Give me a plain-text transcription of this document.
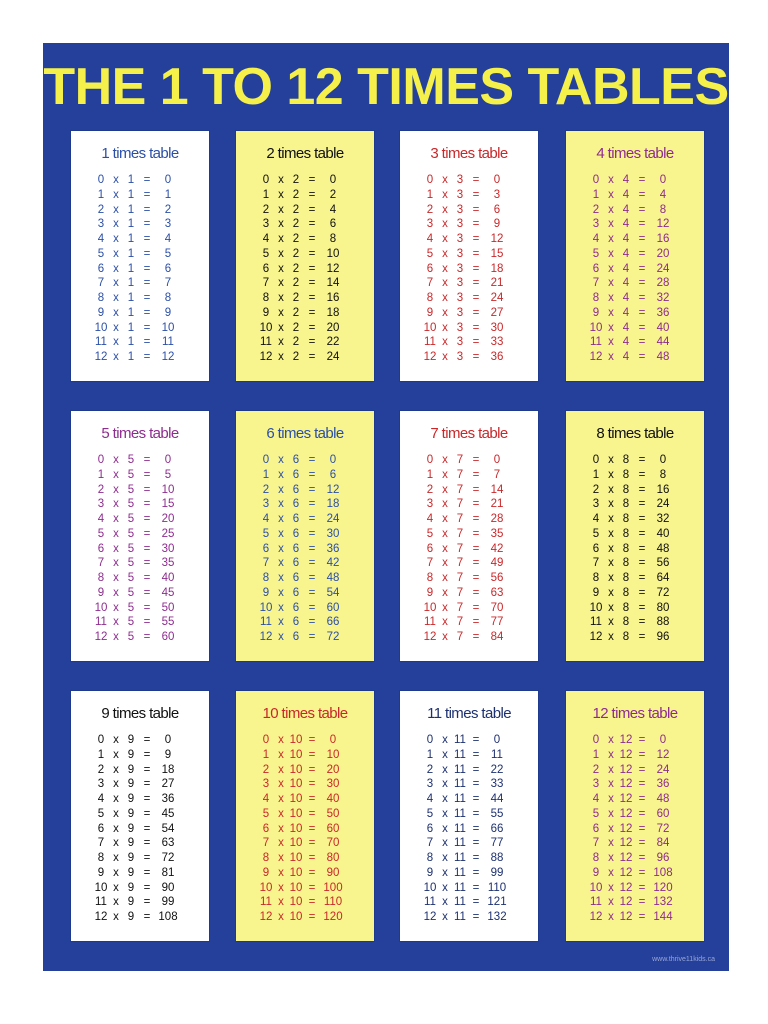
THE 1 TO 12 TIMES TABLES
1 times table
0 x 1 =	0
1 x 1 =	1
2 x 1 =	2
3 x 1 =	3
4 x 1 =	4
5 x 1 =	5
6 x 1 =	6
7 x 1 =	7
8 x 1 =	8
9 x 1 =	9
10 x 1 = 10
11 x 1 =	11
12 x 1 = 12
2 times table
0 x 2 =	0
1 x 2 =	2
2 x 2 =	4
3 x 2 =	6
4 x 2 =	8
5 x 2 = 10
6 x 2 = 12
7 x 2 = 14
8 x 2 = 16
9 x 2 = 18
10 x 2 = 20
11 x 2 = 22
12 x 2 = 24
3 times table
0 x 3 =	0
1 x 3 =	3
2 x 3 =	6
3 x 3 =	9
4 x 3 = 12
5 x 3 = 15
6 x 3 = 18
7 x 3 = 21
8 x 3 = 24
9 x 3 = 27
10 x 3 = 30
11 x 3 = 33
12 x 3 = 36
4 times table
0 x 4 =	0
1 x 4 =	4
2 x 4 =	8
3 x 4 = 12
4 x 4 = 16
5 x 4 = 20
6 x 4 = 24
7 x 4 = 28
8 x 4 = 32
9 x 4 = 36
10 x 4 = 40
11 x 4 = 44
12 x 4 = 48
5 times table
0 x 5 =	0
1 x 5 =	5
2 x 5 = 10
3 x 5 = 15
4 x 5 = 20
5 x 5 = 25
6 x 5 = 30
7 x 5 = 35
8 x 5 = 40
9 x 5 = 45
10 x 5 = 50
11 x 5 = 55
12 x 5 = 60
6 times table
0 x 6 =	0
1 x 6 =	6
2 x 6 = 12
3 x 6 = 18
4 x 6 = 24
5 x 6 = 30
6 x 6 = 36
7 x 6 = 42
8 x 6 = 48
9 x 6 = 54
10 x 6 = 60
11 x 6 = 66
12 x 6 = 72
7 times table
0 x 7 =	0
1 x 7 =	7
2 x 7 = 14
3 x 7 = 21
4 x 7 = 28
5 x 7 = 35
6 x 7 = 42
7 x 7 = 49
8 x 7 = 56
9 x 7 = 63
10 x 7 = 70
11 x 7 = 77
12 x 7 = 84
8 times table
0 x 8 =	0
1 x 8 =	8
2 x 8 = 16
3 x 8 = 24
4 x 8 = 32
5 x 8 = 40
6 x 8 = 48
7 x 8 = 56
8 x 8 = 64
9 x 8 = 72
10 x 8 = 80
11 x 8 = 88
12 x 8 = 96
9 times table
0 x 9 =	0
1 x 9 =	9
2 x 9 = 18
3 x 9 = 27
4 x 9 = 36
5 x 9 = 45
6 x 9 = 54
7 x 9 = 63
8 x 9 = 72
9 x 9 = 81
10 x 9 = 90
11 x 9 = 99
12 x 9 = 108
10 times table
0 x 10 =	0
1 x 10 = 10
2 x 10 = 20
3 x 10 = 30
4 x 10 = 40
5 x 10 = 50
6 x 10 = 60
7 x 10 = 70
8 x 10 = 80
9 x 10 = 90
10 x 10 = 100
11 x 10 = 110
12 x 10 = 120
11 times table
0 x 11 =	0
1 x 11 =	11
2 x 11 = 22
3 x 11 = 33
4 x 11 = 44
5 x 11 = 55
6 x 11 = 66
7 x 11 = 77
8 x 11 = 88
9 x 11 = 99
10 x 11 = 110
11 x 11 = 121
12 x 11 = 132
12 times table
0 x 12 =	0
1 x 12 = 12
2 x 12 = 24
3 x 12 = 36
4 x 12 = 48
5 x 12 = 60
6 x 12 = 72
7 x 12 = 84
8 x 12 = 96
9 x 12 = 108
10 x 12 = 120
11 x 12 = 132
12 x 12 = 144
www.thrive11kids.ca
